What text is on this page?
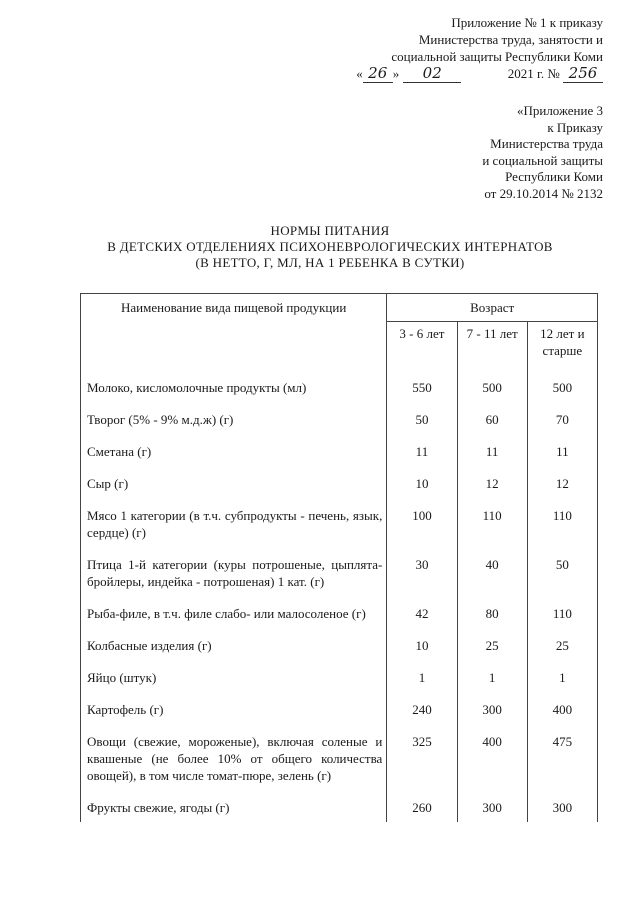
Приложение № 1 к приказу
Министерства труда, занятости и
социальной защиты Республики Коми
« 26 » 02	2021 г. № 256
«Приложение 3
к Приказу
Министерства труда
и социальной защиты
Республики Коми
от 29.10.2014 № 2132
НОРМЫ ПИТАНИЯ
В ДЕТСКИХ ОТДЕЛЕНИЯХ ПСИХОНЕВРОЛОГИЧЕСКИХ ИНТЕРНАТОВ
(В НЕТТО, Г, МЛ, НА 1 РЕБЕНКА В СУТКИ)
Наименование вида пищевой продукции	Возраст		
	3 - 6 лет	7 - 11 лет	12 лет и старше
Молоко, кисломолочные продукты (мл)	550	500	500
Творог (5% - 9% м.д.ж) (г)	50	60	70
Сметана (г)	11	11	11
Сыр (г)	10	12	12
Мясо 1 категории (в т.ч. субпродукты - печень, язык, сердце) (г)	100	110	110
Птица 1-й категории (куры потрошеные, цыплята-бройлеры, индейка - потрошеная) 1 кат. (г)	30	40	50
Рыба-филе, в т.ч. филе слабо- или малосоленое (г)	42	80	110
Колбасные изделия (г)	10	25	25
Яйцо (штук)	1	1	1
Картофель (г)	240	300	400
Овощи (свежие, мороженые), включая соленые и квашеные (не более 10% от общего количества овощей), в том числе томат-пюре, зелень (г)	325	400	475
Фрукты свежие, ягоды (г)	260	300	300
